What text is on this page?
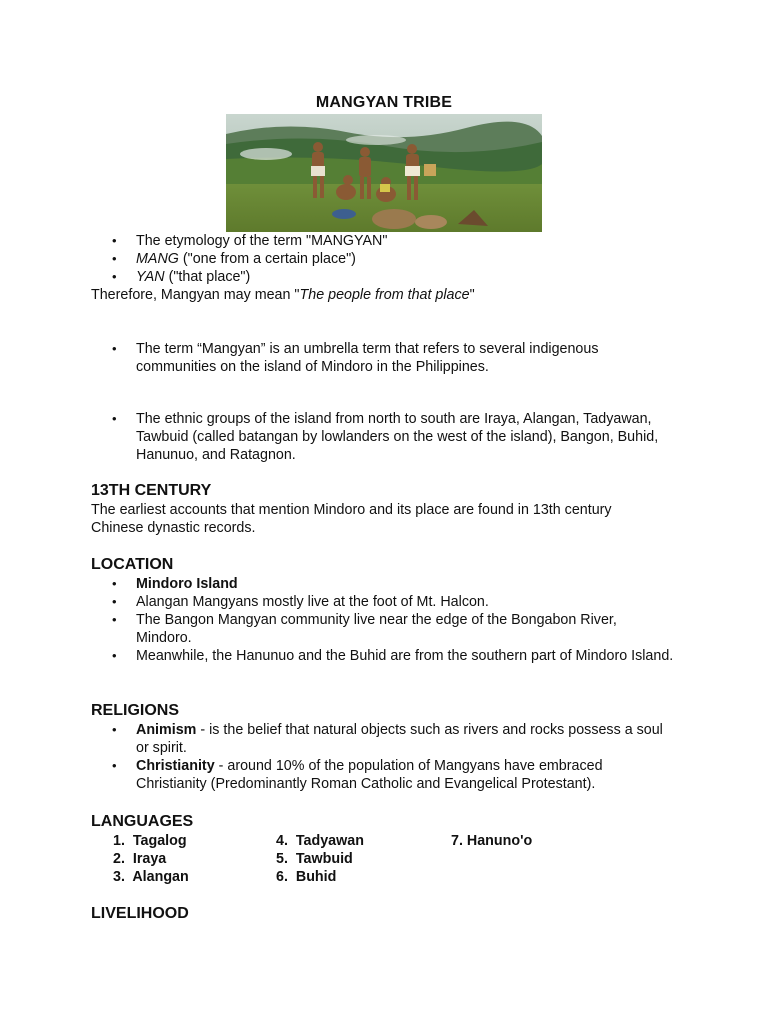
MANGYAN TRIBE
• The etymology of the term "MANGYAN"
• MANG ("one from a certain place")
• YAN ("that place")

Therefore, Mangyan may mean "The people from that place"

• The term “Mangyan” is an umbrella term that refers to several indigenous communities on the island of Mindoro in the Philippines.
• The ethnic groups of the island from north to south are Iraya, Alangan, Tadyawan, Tawbuid (called batangan by lowlanders on the west of the island), Bangon, Buhid, Hanunuo, and Ratagnon.
13TH CENTURY

The earliest accounts that mention Mindoro and its place are found in 13th century Chinese dynastic records.

LOCATION
• Mindoro Island
• Alangan Mangyans mostly live at the foot of Mt. Halcon.
• The Bangon Mangyan community live near the edge of the Bongabon River, Mindoro.
• Meanwhile, the Hanunuo and the Buhid are from the southern part of Mindoro Island.
RELIGIONS
• Animism - is the belief that natural objects such as rivers and rocks possess a soul or spirit.
• Christianity - around 10% of the population of Mangyans have embraced Christianity (Predominantly Roman Catholic and Evangelical Protestant).
LANGUAGES
1.  Tagalog
2.  Iraya
3.  Alangan
4.  Tadyawan
5.  Tawbuid
6.  Buhid
7. Hanuno'o
LIVELIHOOD
